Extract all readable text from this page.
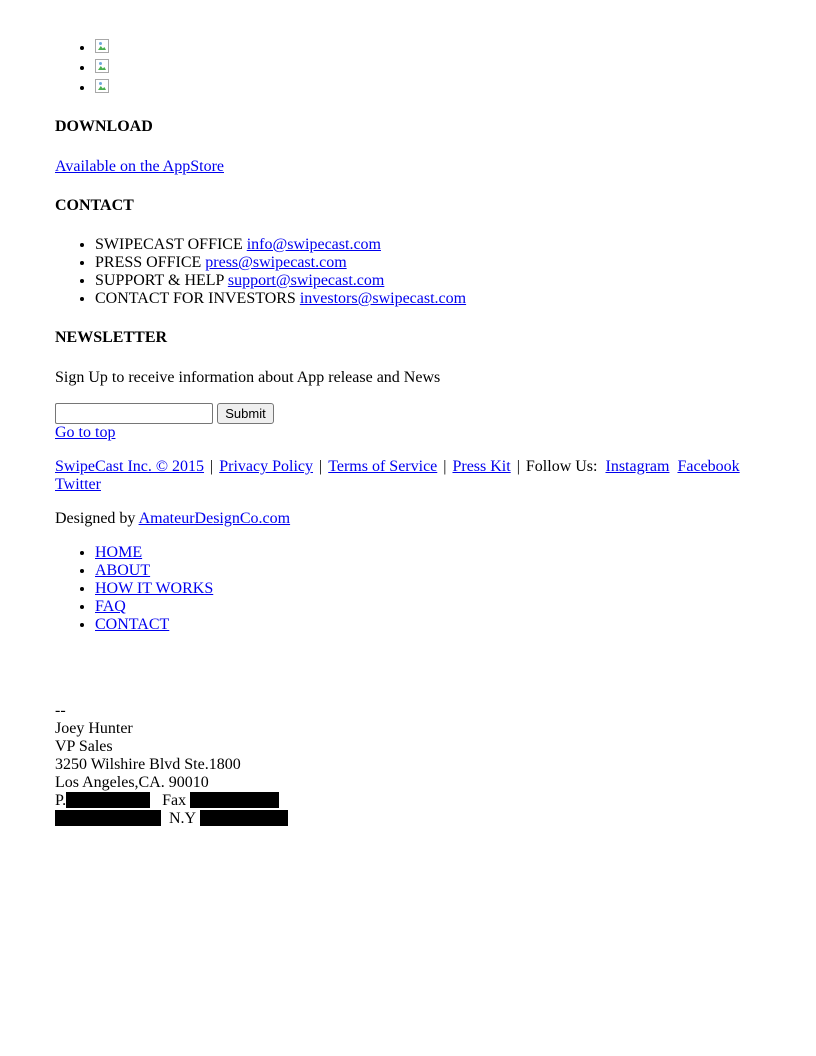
•
•
•
DOWNLOAD
Available on the AppStore
CONTACT
• SWIPECAST OFFICE info@swipecast.com
• PRESS OFFICE press@swipecast.com
• SUPPORT & HELP support@swipecast.com
• CONTACT FOR INVESTORS investors@swipecast.com
NEWSLETTER

Sign Up to receive information about App release and News

Submit
Go to top
SwipeCast Inc. © 2015 | Privacy Policy | Terms of Service | Press Kit | Follow Us: Instagram Facebook Twitter

Designed by AmateurDesignCo.com

• HOME
• ABOUT
• HOW IT WORKS
• FAQ
• CONTACT
--
Joey Hunter
VP Sales
3250 Wilshire Blvd Ste.1800
Los Angeles,CA. 90010
P.	Fax
N.Y
